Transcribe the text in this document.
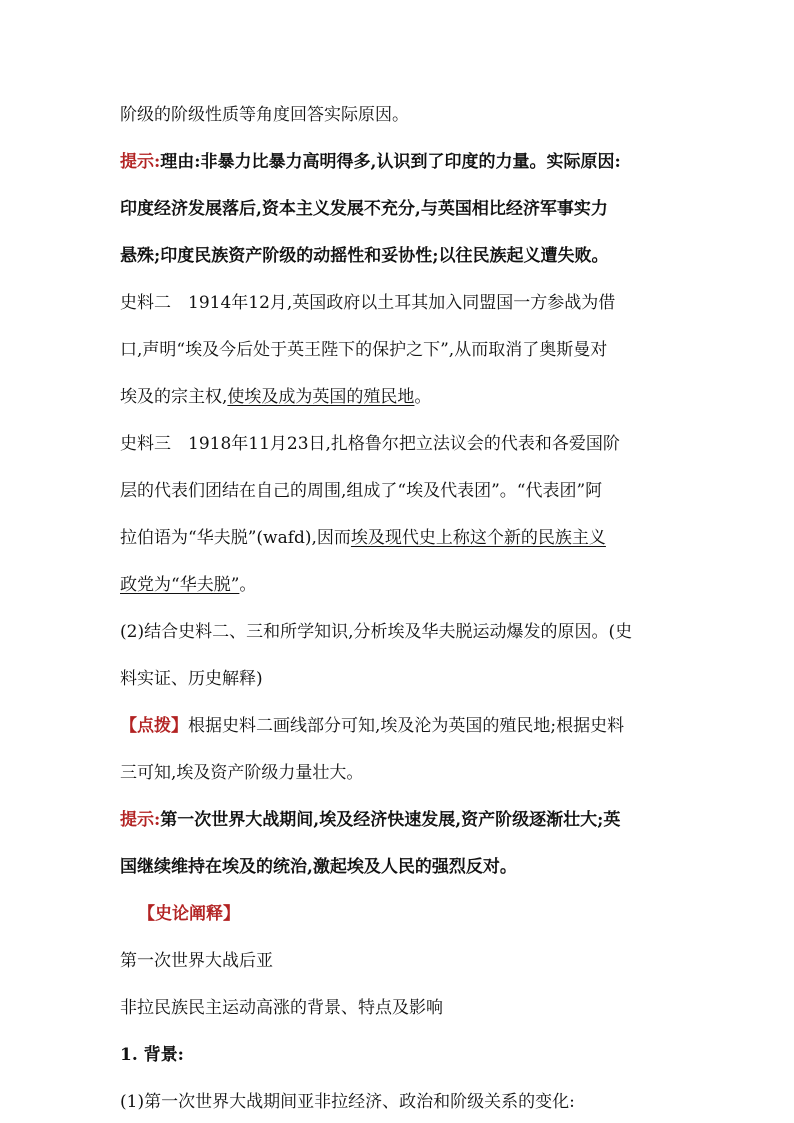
阶级的阶级性质等角度回答实际原因。
提示:理由:非暴力比暴力高明得多,认识到了印度的力量。实际原因:
印度经济发展落后,资本主义发展不充分,与英国相比经济军事实力
悬殊;印度民族资产阶级的动摇性和妥协性;以往民族起义遭失败。
史料二　1914年12月,英国政府以土耳其加入同盟国一方参战为借
口,声明“埃及今后处于英王陛下的保护之下”,从而取消了奥斯曼对
埃及的宗主权,使埃及成为英国的殖民地。
史料三　1918年11月23日,扎格鲁尔把立法议会的代表和各爱国阶
层的代表们团结在自己的周围,组成了“埃及代表团”。“代表团”阿
拉伯语为“华夫脱”(wafd),因而埃及现代史上称这个新的民族主义
政党为“华夫脱”。
(2)结合史料二、三和所学知识,分析埃及华夫脱运动爆发的原因。(史
料实证、历史解释)
【点拨】根据史料二画线部分可知,埃及沦为英国的殖民地;根据史料
三可知,埃及资产阶级力量壮大。
提示:第一次世界大战期间,埃及经济快速发展,资产阶级逐渐壮大;英
国继续维持在埃及的统治,激起埃及人民的强烈反对。
【史论阐释】
第一次世界大战后亚
非拉民族民主运动高涨的背景、特点及影响
1. 背景:
(1)第一次世界大战期间亚非拉经济、政治和阶级关系的变化:
